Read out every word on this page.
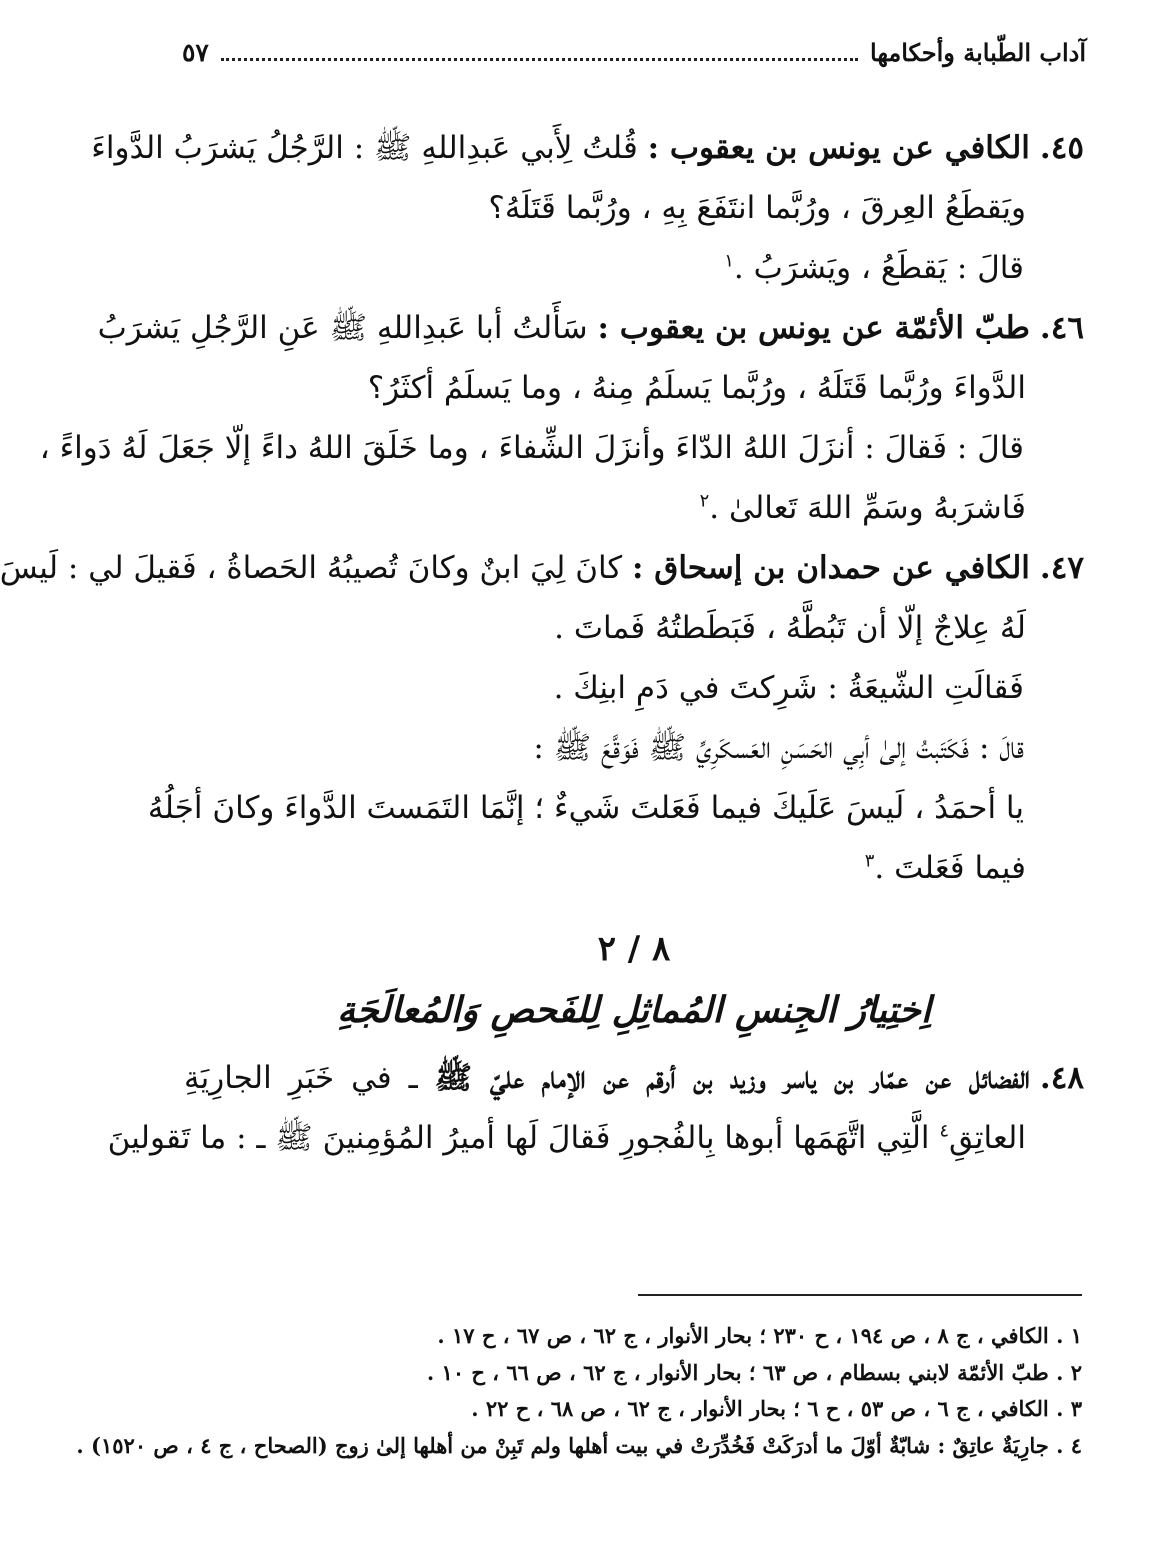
آداب الطّبابة وأحكامها
٥٧
٤٥.الكافي عن يونس بن يعقوب : قُلتُ لِأَبي عَبدِاللهِ ﷺ : الرَّجُلُ يَشرَبُ الدَّواءَ
ويَقطَعُ العِرقَ ، ورُبَّما انتَفَعَ بِهِ ، ورُبَّما قَتَلَهُ؟
قالَ : يَقطَعُ ، ويَشرَبُ .$^١$
٤٦.طبّ الأئمّة عن يونس بن يعقوب : سَأَلتُ أبا عَبدِاللهِ ﷺ عَنِ الرَّجُلِ يَشرَبُ
الدَّواءَ ورُبَّما قَتَلَهُ ، ورُبَّما يَسلَمُ مِنهُ ، وما يَسلَمُ أكثَرُ؟
قالَ : فَقالَ : أنزَلَ اللهُ الدّاءَ وأنزَلَ الشِّفاءَ ، وما خَلَقَ اللهُ داءً إلّا جَعَلَ لَهُ دَواءً ،
فَاشرَبهُ وسَمِّ اللهَ تَعالىٰ .$^٢$
٤٧.الكافي عن حمدان بن إسحاق : كانَ لِيَ ابنٌ وكانَ تُصيبُهُ الحَصاةُ ، فَقيلَ لي : لَيسَ
لَهُ عِلاجٌ إلّا أن تَبُطَّهُ ، فَبَطَطتُهُ فَماتَ .
فَقالَتِ الشّيعَةُ : شَرِكتَ في دَمِ ابنِكَ .
قالَ : فَكَتَبتُ إلىٰ أبِي الحَسَنِ العَسكَرِيِّ ﷺ فَوَقَّعَ ﷺ :
يا أحمَدُ ، لَيسَ عَلَيكَ فيما فَعَلتَ شَيءٌ ؛ إنَّمَا التَمَستَ الدَّواءَ وكانَ أجَلُهُ
فيما فَعَلتَ .$^٣$
٨ / ٢
اِختِيارُ الجِنسِ المُماثِلِ لِلفَحصِ وَالمُعالَجَةِ
٤٨.الفضائل عن عمّار بن ياسر وزيد بن أرقم عن الإمام عليّ ﷺ ـ في خَبَرِ الجارِيَةِ
العاتِقِ$^٤$ الَّتِي اتَّهَمَها أبوها بِالفُجورِ فَقالَ لَها أميرُ المُؤمِنينَ ﷺ ـ : ما تَقولينَ
١ . الكافي ، ج ٨ ، ص ١٩٤ ، ح ٢٣٠ ؛ بحار الأنوار ، ج ٦٢ ، ص ٦٧ ، ح ١٧ .
٢ . طبّ الأئمّة لابني بسطام ، ص ٦٣ ؛ بحار الأنوار ، ج ٦٢ ، ص ٦٦ ، ح ١٠ .
٣ . الكافي ، ج ٦ ، ص ٥٣ ، ح ٦ ؛ بحار الأنوار ، ج ٦٢ ، ص ٦٨ ، ح ٢٢ .
٤ . جارِيَةٌ عاتِقٌ : شابّةٌ أوّلَ ما أدرَكَتْ فَخُدِّرَتْ في بيت أهلها ولم تَبِنْ من أهلها إلىٰ زوج (الصحاح ، ج ٤ ، ص ١٥٢٠) .
